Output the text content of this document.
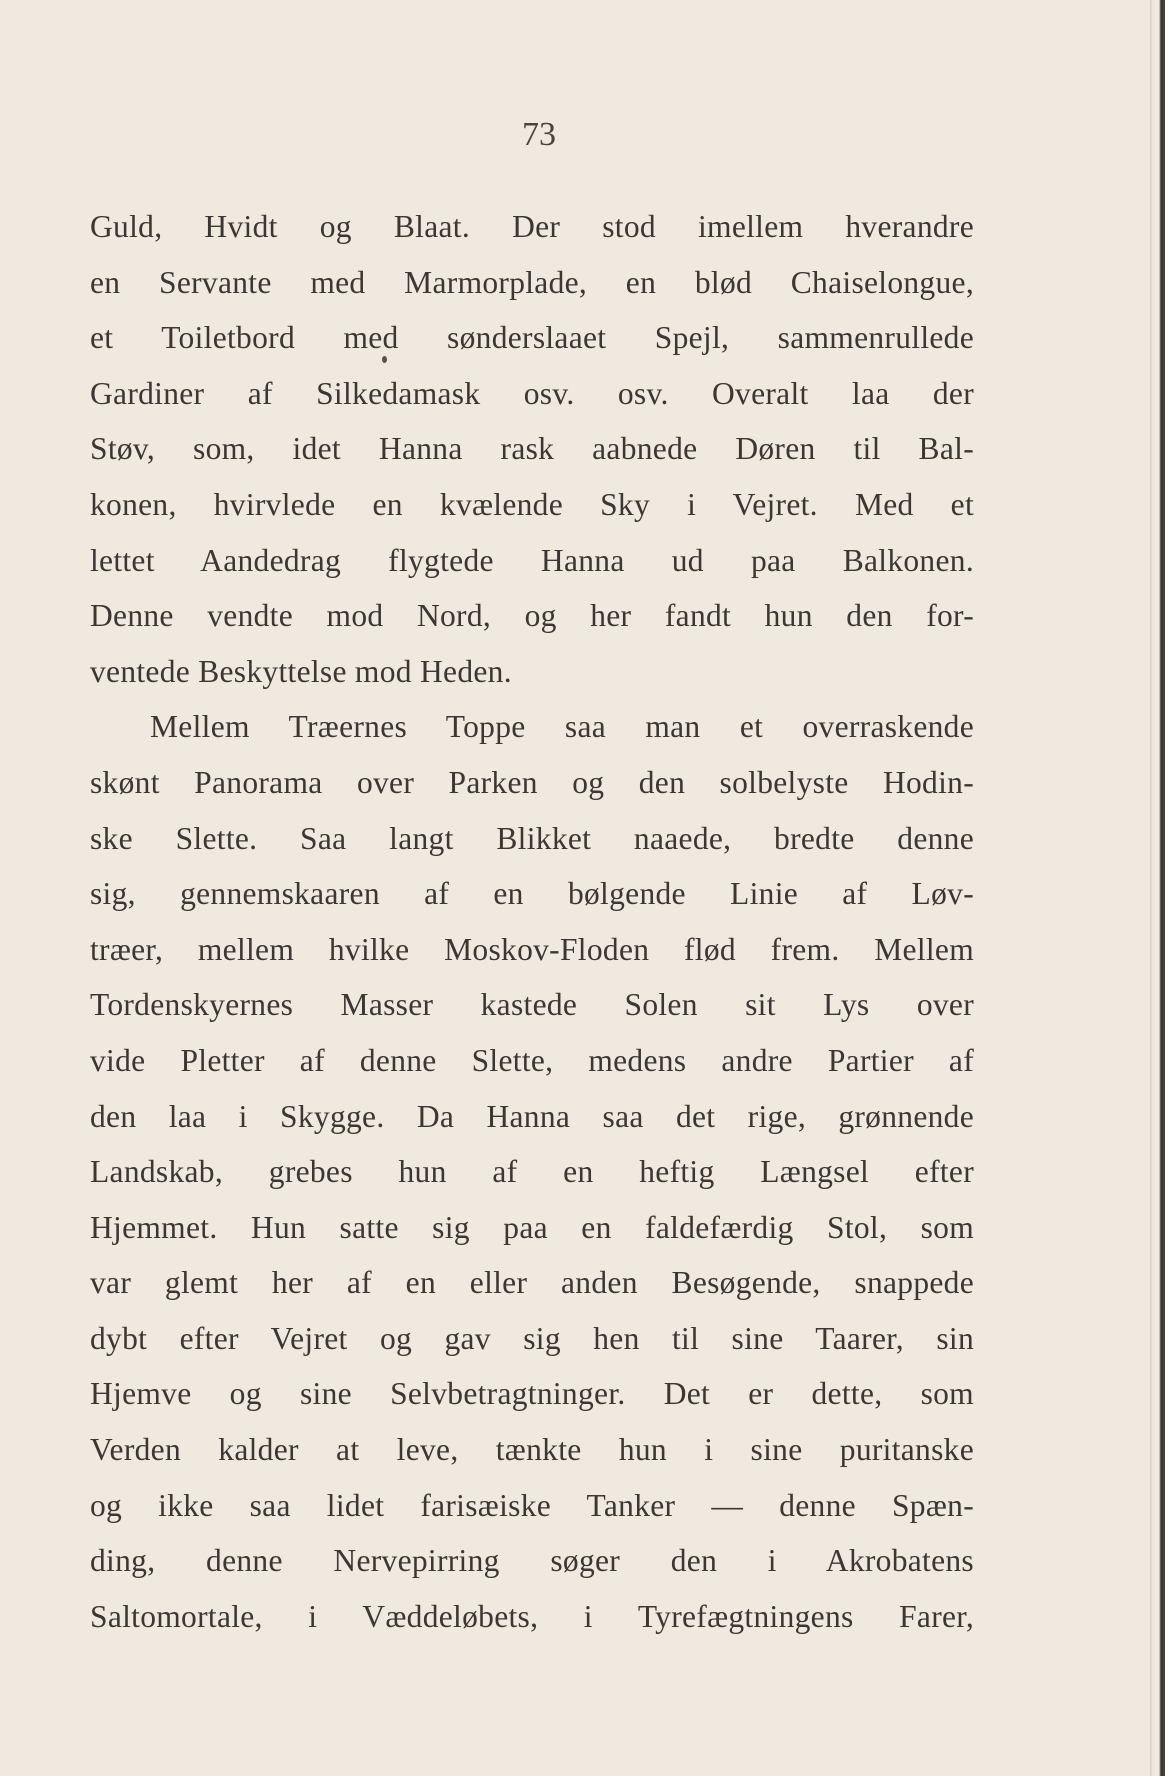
73
Guld, Hvidt og Blaat. Der stod imellem hverandre
en Servante med Marmorplade, en blød Chaiselongue,
et Toiletbord med sønderslaaet Spejl, sammenrullede
Gardiner af Silkedamask osv. osv. Overalt laa der
Støv, som, idet Hanna rask aabnede Døren til Bal-
konen, hvirvlede en kvælende Sky i Vejret. Med et
lettet Aandedrag flygtede Hanna ud paa Balkonen.
Denne vendte mod Nord, og her fandt hun den for-
ventede Beskyttelse mod Heden.
Mellem Træernes Toppe saa man et overraskende
skønt Panorama over Parken og den solbelyste Hodin-
ske Slette. Saa langt Blikket naaede, bredte denne
sig, gennemskaaren af en bølgende Linie af Løv-
træer, mellem hvilke Moskov-Floden flød frem. Mellem
Tordenskyernes Masser kastede Solen sit Lys over
vide Pletter af denne Slette, medens andre Partier af
den laa i Skygge. Da Hanna saa det rige, grønnende
Landskab, grebes hun af en heftig Længsel efter
Hjemmet. Hun satte sig paa en faldefærdig Stol, som
var glemt her af en eller anden Besøgende, snappede
dybt efter Vejret og gav sig hen til sine Taarer, sin
Hjemve og sine Selvbetragtninger. Det er dette, som
Verden kalder at leve, tænkte hun i sine puritanske
og ikke saa lidet farisæiske Tanker — denne Spæn-
ding, denne Nervepirring søger den i Akrobatens
Saltomortale, i Væddeløbets, i Tyrefægtningens Farer,
